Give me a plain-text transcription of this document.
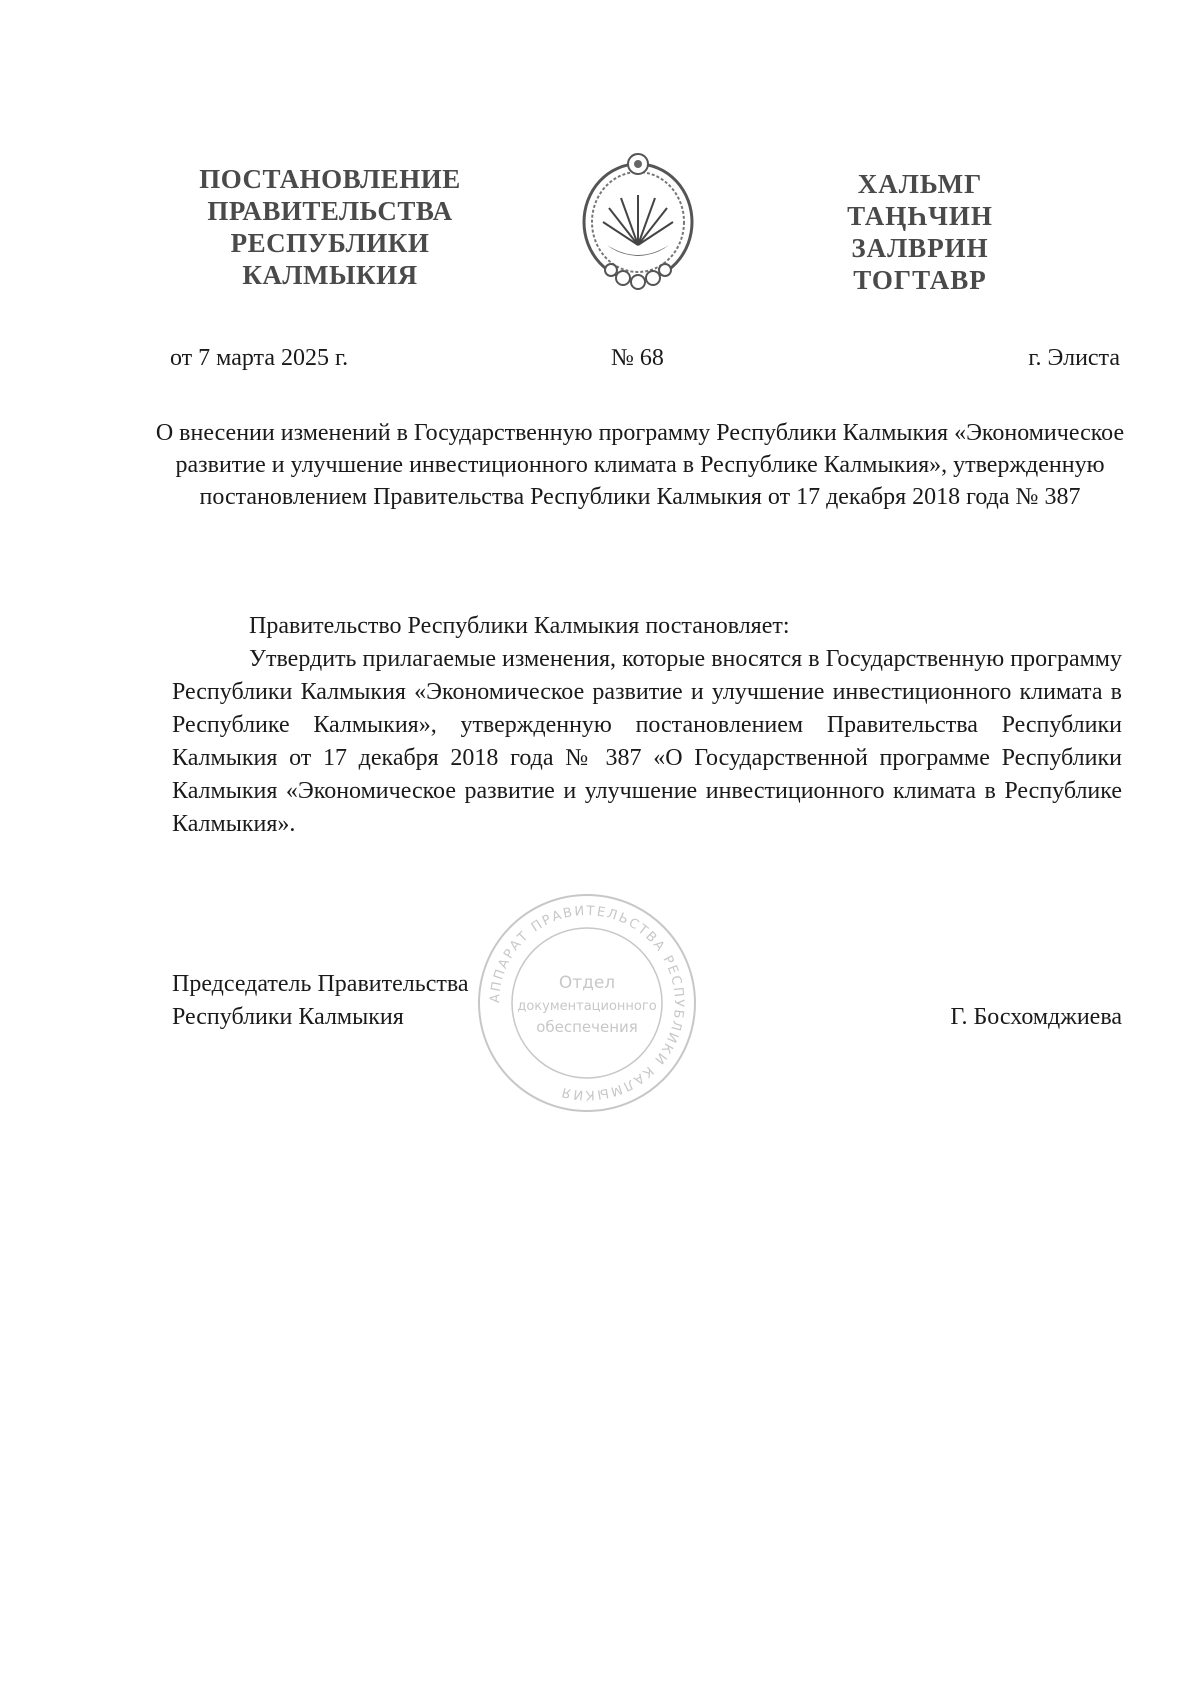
ПОСТАНОВЛЕНИЕ
ПРАВИТЕЛЬСТВА
РЕСПУБЛИКИ
КАЛМЫКИЯ
ХАЛЬМГ
ТАҢҺЧИН
ЗАЛВРИН
ТОГТАВР
от 7 марта 2025 г.	№ 68	г. Элиста
О внесении изменений в Государственную программу Республики Калмыкия «Экономическое развитие и улучшение инвестиционного климата в Республике Калмыкия», утвержденную постановлением Правительства Республики Калмыкия от 17 декабря 2018 года № 387

Правительство Республики Калмыкия постановляет:

Утвердить прилагаемые изменения, которые вносятся в Государственную программу Республики Калмыкия «Экономическое развитие и улучшение инвестиционного климата в Республике Калмыкия», утвержденную постановлением Правительства Республики Калмыкия от 17 декабря 2018 года № 387 «О Государственной программе Республики Калмыкия «Экономическое развитие и улучшение инвестиционного климата в Республике Калмыкия».

АППАРАТ ПРАВИТЕЛЬСТВА РЕСПУБЛИКИ КАЛМЫКИЯ
Отдел
документационного
обеспечения
Председатель Правительства
Республики Калмыкия	Г. Босхомджиева
